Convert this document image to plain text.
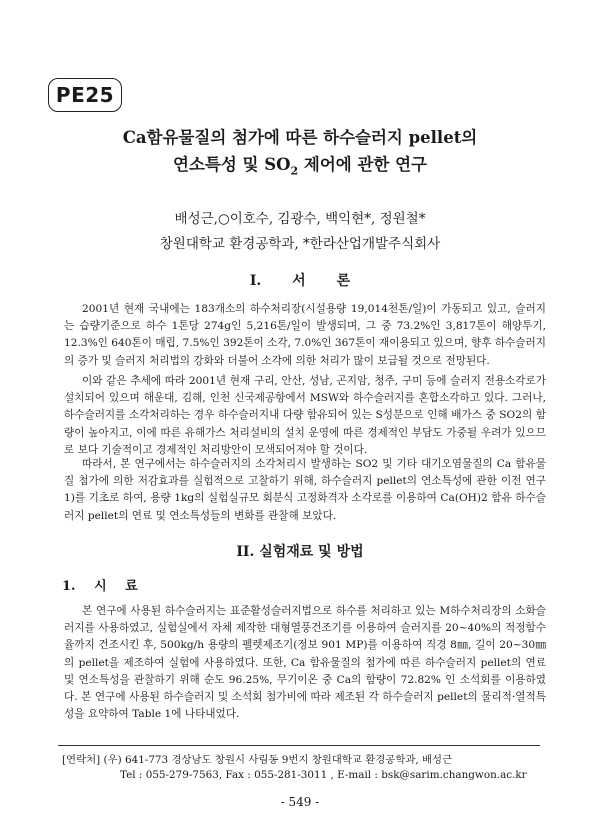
PE25
Ca함유물질의 첨가에 따른 하수슬러지 pellet의
연소특성 및 $SO_2$ 제어에 관한 연구
배성근,○이호수, 김광수, 백익현*, 정원철*
창원대학교 환경공학과, *한라산업개발주식회사
I. 서 론

2001년 현재 국내에는 183개소의 하수처리장(시설용량 19,014천톤/일)이 가동되고 있고, 슬러지는 습량기준으로 하수 1톤당 274g인 5,216톤/일이 발생되며, 그 중 73.2%인 3,817톤이 해양투기, 12.3%인 640톤이 매립, 7.5%인 392톤이 소각, 7.0%인 367톤이 재이용되고 있으며, 향후 하수슬러지의 증가 및 슬러지 처리법의 강화와 더불어 소각에 의한 처리가 많이 보급될 것으로 전망된다.

이와 같은 추세에 따라 2001년 현재 구리, 안산, 성남, 곤지암, 청주, 구미 등에 슬러지 전용소각로가 설치되어 있으며 해운대, 김해, 인천 신국제공항에서 MSW와 하수슬러지를 혼합소각하고 있다. 그러나, 하수슬러지를 소각처리하는 경우 하수슬러지내 다량 함유되어 있는 S성분으로 인해 배가스 중 SO2의 함량이 높아지고, 이에 따른 유해가스 처리설비의 설치 운영에 따른 경제적인 부담도 가중될 우려가 있으므로 보다 기술적이고 경제적인 처리방안이 모색되어져야 할 것이다.

따라서, 본 연구에서는 하수슬러지의 소각처리시 발생하는 SO2 및 기타 대기오염물질의 Ca 함유물질 첨가에 의한 저감효과를 실험적으로 고찰하기 위해, 하수슬러지 pellet의 연소특성에 관한 이전 연구1)를 기초로 하여, 용량 1kg의 실험실규모 회분식 고정화격자 소각로를 이용하여 Ca(OH)2 함유 하수슬러지 pellet의 연료 및 연소특성들의 변화를 관찰해 보았다.

II. 실험재료 및 방법
1. 시 료

본 연구에 사용된 하수슬러지는 표준활성슬러지법으로 하수를 처리하고 있는 M하수처리장의 소화슬러지를 사용하였고, 실험실에서 자체 제작한 대형열풍건조기를 이용하여 슬러지를 20~40%의 적정함수율까지 건조시킨 후, 500kg/h 용량의 펠렛제조기(정보 901 MP)를 이용하여 직경 8㎜, 길이 20~30㎜의 pellet을 제조하여 실험에 사용하였다. 또한, Ca 함유물질의 첨가에 따른 하수슬러지 pellet의 연료 및 연소특성을 관찰하기 위해 순도 96.25%, 무기이온 중 Ca의 함량이 72.82% 인 소석회를 이용하였다. 본 연구에 사용된 하수슬러지 및 소석회 첨가비에 따라 제조된 각 하수슬러지 pellet의 물리적·열적특성을 요약하여 Table 1에 나타내었다.

[연락처] (우) 641-773 경상남도 창원시 사림동 9번지 창원대학교 환경공학과, 배성근
Tel : 055-279-7563, Fax : 055-281-3011 , E-mail : bsk@sarim.changwon.ac.kr
- 549 -
